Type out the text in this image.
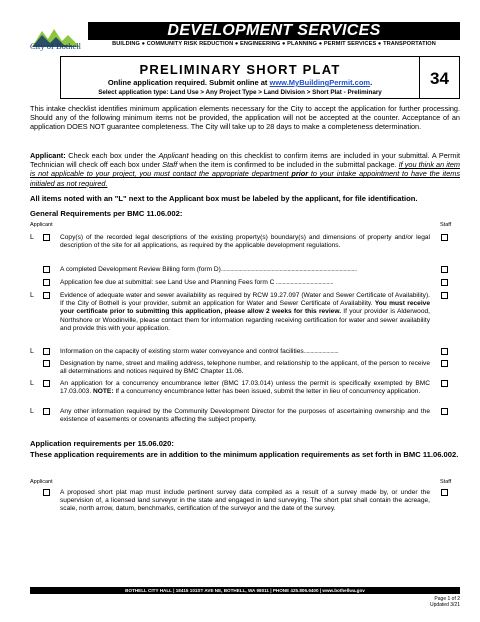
City of Bothell
DEVELOPMENT SERVICES
BUILDING ● COMMUNITY RISK REDUCTION ● ENGINEERING ● PLANNING ● PERMIT SERVICES ● TRANSPORTATION
PRELIMINARY SHORT PLAT
Online application required. Submit online at www.MyBuildingPermit.com.
Select application type: Land Use > Any Project Type > Land Division > Short Plat - Preliminary
34
This intake checklist identifies minimum application elements necessary for the City to accept the application for further processing. Should any of the following minimum items not be provided, the application will not be accepted at the counter. Acceptance of an application DOES NOT guarantee completeness. The City will take up to 28 days to make a completeness determination.
Applicant: Check each box under the Applicant heading on this checklist to confirm items are included in your submittal. A Permit Technician will check off each box under Staff when the item is confirmed to be included in the submittal package. If you think an item is not applicable to your project, you must contact the appropriate department prior to your intake appointment to have the items initialed as not required.
All items noted with an "L" next to the Applicant box must be labeled by the applicant, for file identification.
General Requirements per BMC 11.06.002:
Applicant	Staff
L	Copy(s) of the recorded legal descriptions of the existing property(s) boundary(s) and dimensions of property and/or legal description of the site for all applications, as required by the applicable development regulations.
A completed Development Review Billing form (form D)......................................................................................................
Application fee due at submittal: see Land Use and Planning Fees form C ...........................................
L	Evidence of adequate water and sewer availability as required by RCW 19.27.097 (Water and Sewer Certificate of Availability). If the City of Bothell is your provider, submit an application for Water and Sewer Certificate of Availability. You must receive your certificate prior to submitting this application, please allow 2 weeks for this review. If your provider is Alderwood, Northshore or Woodinville, please contact them for information regarding receiving certification for water and sewer availability and provide this with your application.
L	Information on the capacity of existing storm water conveyance and control facilities..........................
Designation by name, street and mailing address, telephone number, and relationship to the applicant, of the person to receive all determinations and notices required by BMC Chapter 11.06.
L	An application for a concurrency encumbrance letter (BMC 17.03.014) unless the permit is specifically exempted by BMC 17.03.003. NOTE: If a concurrency encumbrance letter has been issued, submit the letter in lieu of concurrency application.
L	Any other information required by the Community Development Director for the purposes of ascertaining ownership and the existence of easements or covenants affecting the subject property.
Application requirements per 15.06.020:
These application requirements are in addition to the minimum application requirements as set forth in BMC 11.06.002.
Applicant	Staff
A proposed short plat map must include pertinent survey data compiled as a result of a survey made by, or under the supervision of, a licensed land surveyor in the state and engaged in land surveying. The short plat shall contain the acreage, scale, north arrow, datum, benchmarks, certification of the surveyor and the date of the survey.
BOTHELL CITY HALL | 18415 101ST AVE NE, BOTHELL, WA 98011 | PHONE 425.806.6400 | www.bothellwa.gov
Page 1 of 2
Updated 3/21
